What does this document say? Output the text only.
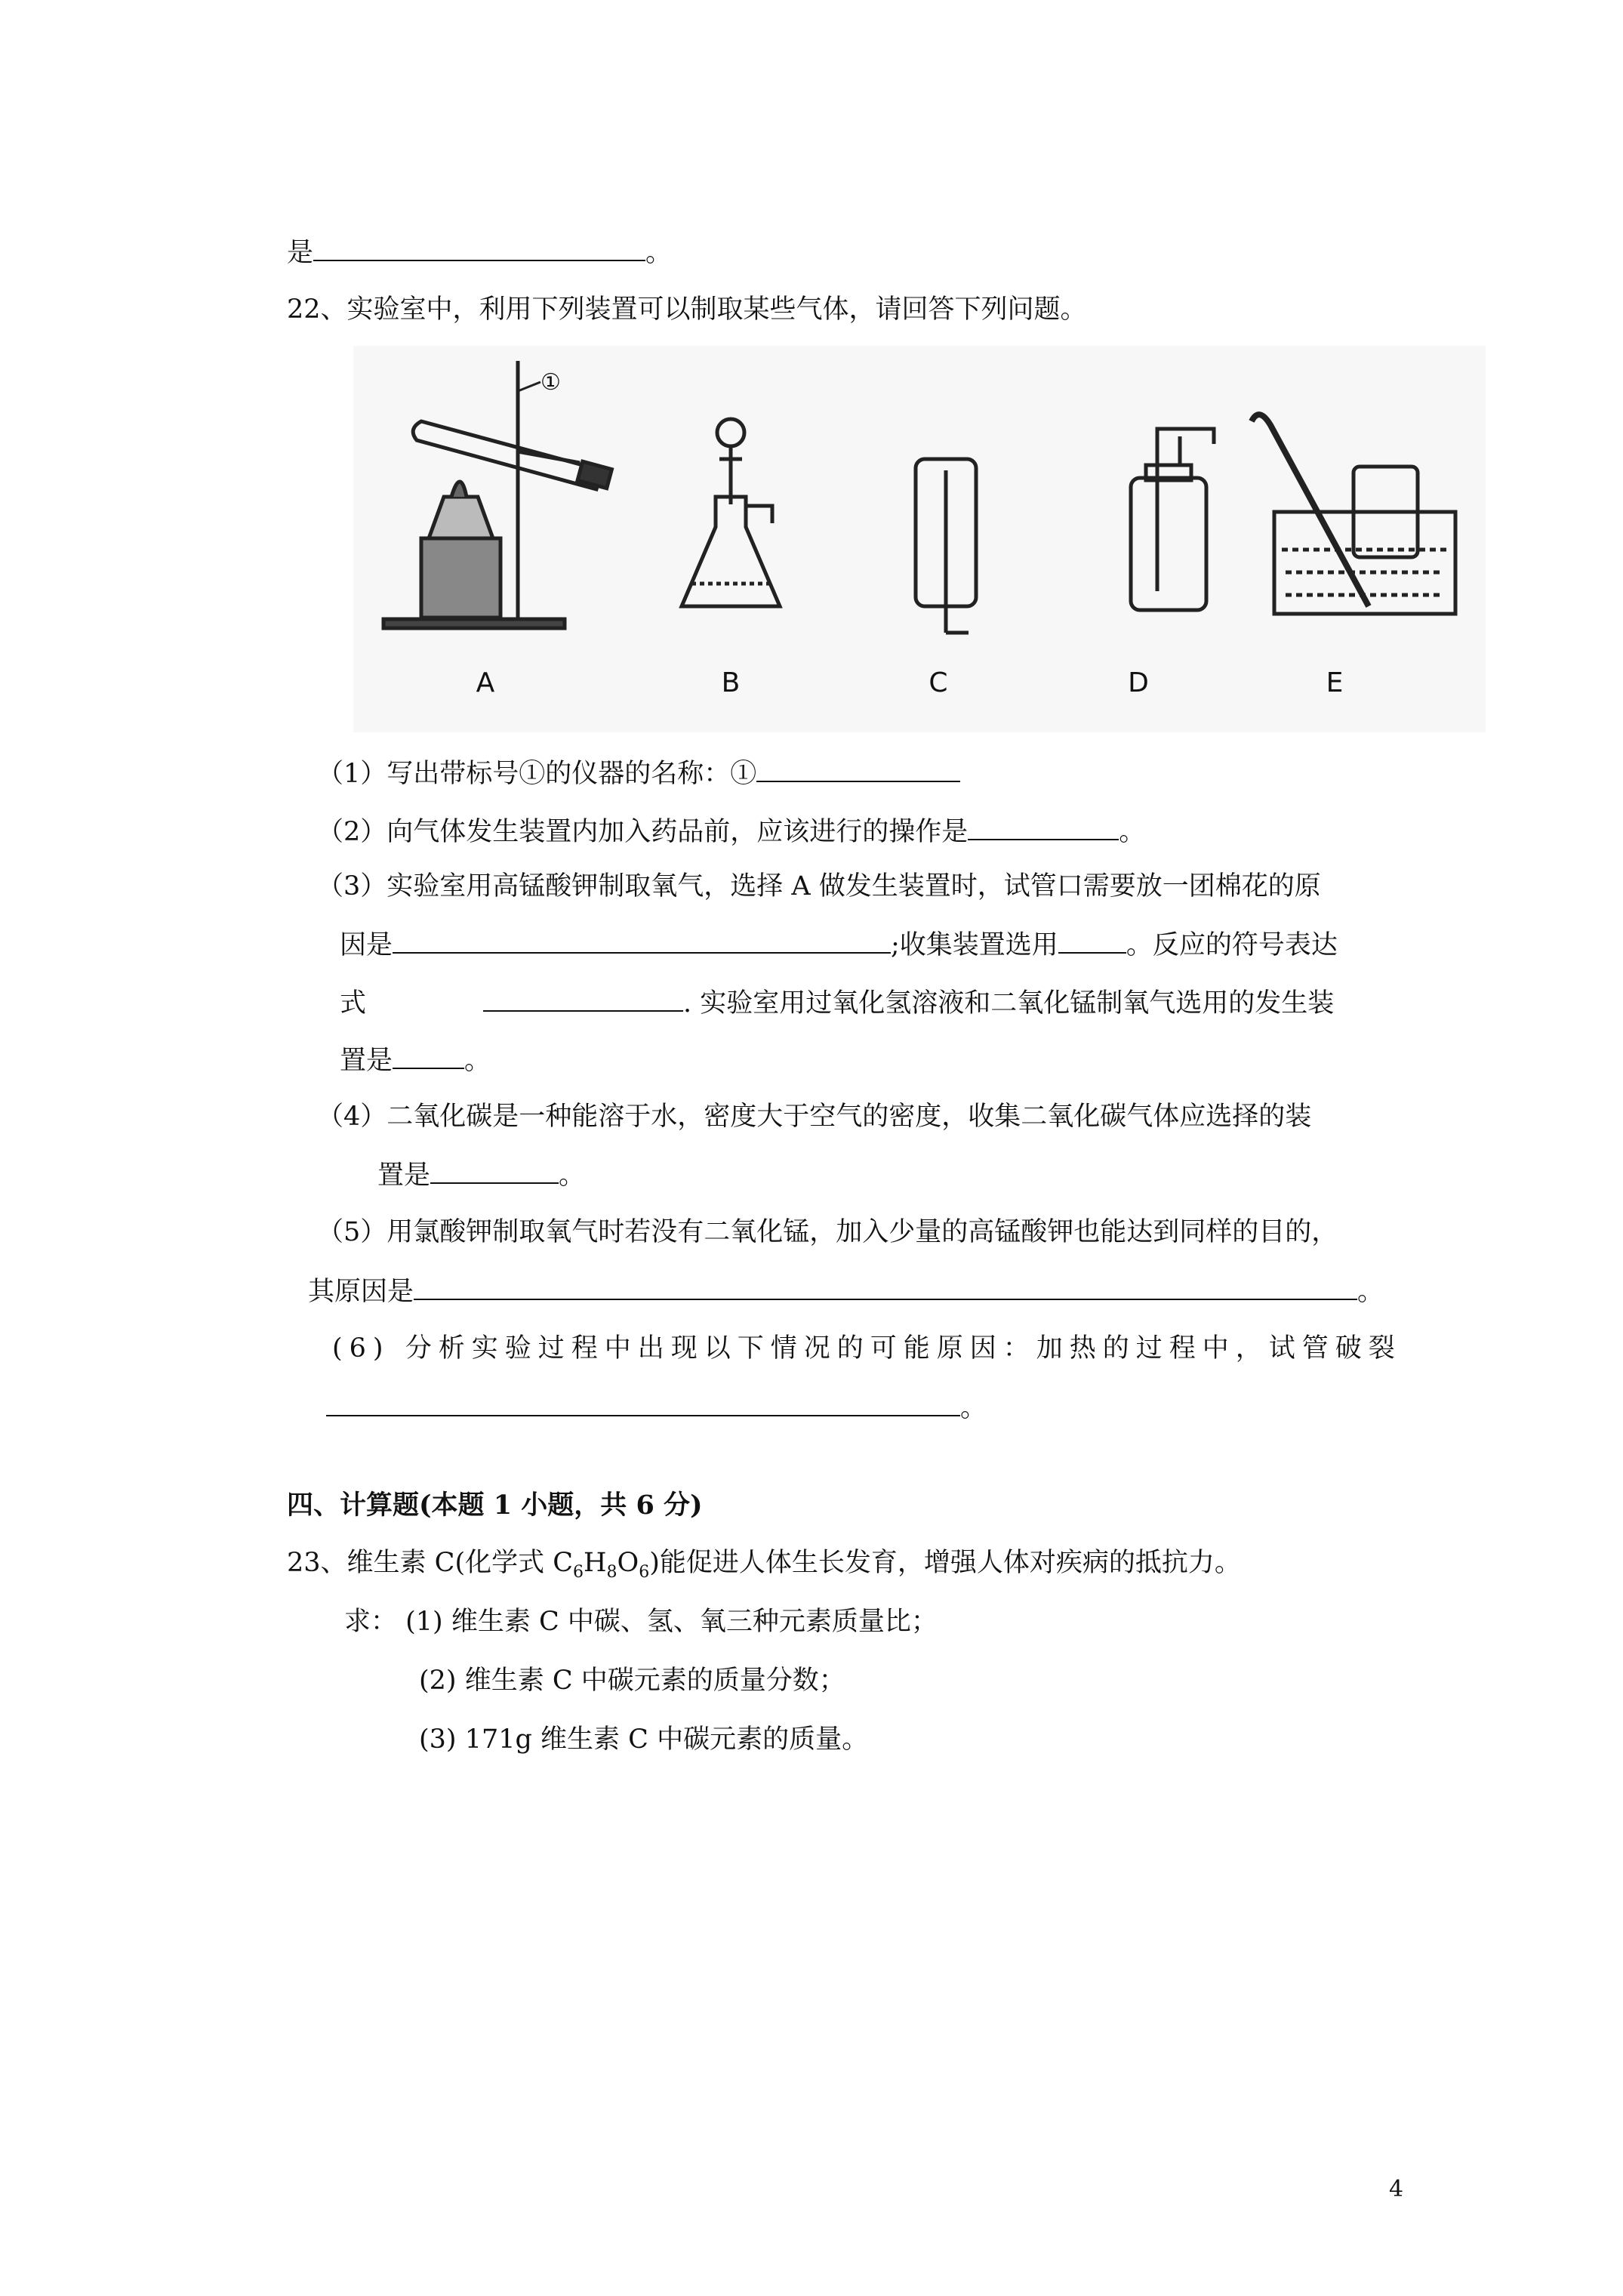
是	。
22、实验室中，利用下列装置可以制取某些气体，请回答下列问题。
①
A	B	C	D	E
（1）写出带标号①的仪器的名称：①
（2）向气体发生装置内加入药品前，应该进行的操作是	。
（3）实验室用高锰酸钾制取氧气，选择 A 做发生装置时，试管口需要放一团棉花的原
因是	;收集装置选用	。反应的符号表达
式	. 实验室用过氧化氢溶液和二氧化锰制氧气选用的发生装
置是	。
（4）二氧化碳是一种能溶于水，密度大于空气的密度，收集二氧化碳气体应选择的装
置是	。
（5）用氯酸钾制取氧气时若没有二氧化锰，加入少量的高锰酸钾也能达到同样的目的，
其原因是	。
(6) 分析实验过程中出现以下情况的可能原因：加热的过程中，试管破裂
。
四、计算题(本题 1 小题，共 6 分)
23、维生素 C(化学式 $C_6H_8O_6$)能促进人体生长发育，增强人体对疾病的抵抗力。
求： (1) 维生素 C 中碳、氢、氧三种元素质量比；
(2) 维生素 C 中碳元素的质量分数；
(3) 171g 维生素 C 中碳元素的质量。
4
